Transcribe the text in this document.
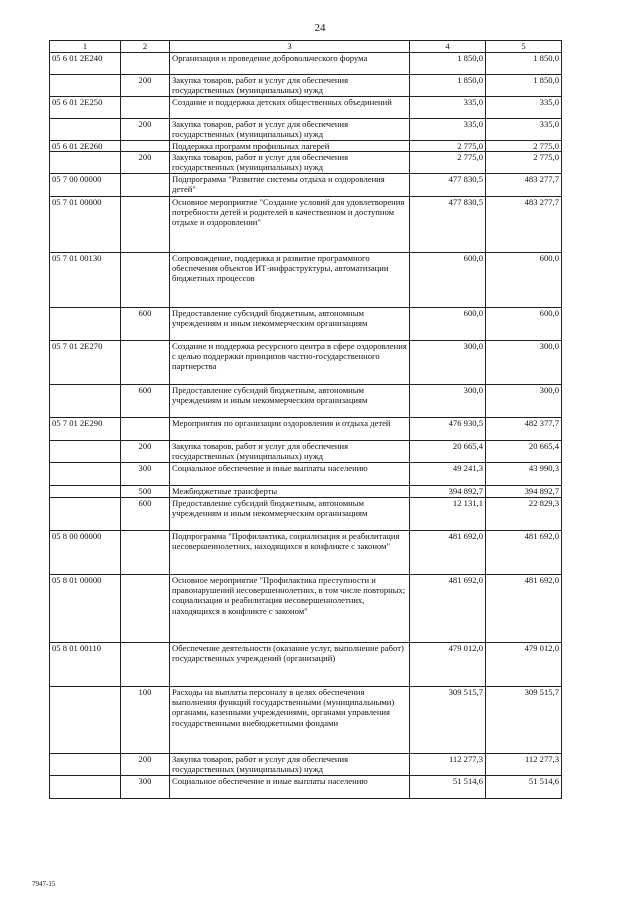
24
1	2	3	4	5
05 6 01 2E240		Организация и проведение добровольческого форума	1 850,0	1 850,0
	200	Закупка товаров, работ и услуг для обеспечения государственных (муниципальных) нужд	1 850,0	1 850,0
05 6 01 2E250		Создание и поддержка детских общественных объединений	335,0	335,0
	200	Закупка товаров, работ и услуг для обеспечения государственных (муниципальных) нужд	335,0	335,0
05 6 01 2E260		Поддержка программ профильных лагерей	2 775,0	2 775,0
	200	Закупка товаров, работ и услуг для обеспечения государственных (муниципальных) нужд	2 775,0	2 775,0
05 7 00 00000		Подпрограмма "Развитие системы отдыха и оздоровления детей"	477 830,5	483 277,7
05 7 01 00000		Основное мероприятие "Создание условий для удовлетворения потребности детей и родителей в качественном и доступном отдыхе и оздоровлении"	477 830,5	483 277,7
05 7 01 00130		Сопровождение, поддержка и развитие программного обеспечения объектов ИТ-инфраструктуры, автоматизации бюджетных процессов	600,0	600,0
	600	Предоставление субсидий бюджетным, автономным учреждениям и иным некоммерческим организациям	600,0	600,0
05 7 01 2E270		Создание и поддержка ресурсного центра в сфере оздоровления с целью поддержки принципов частно-государственного партнерства	300,0	300,0
	600	Предоставление субсидий бюджетным, автономным учреждениям и иным некоммерческим организациям	300,0	300,0
05 7 01 2E290		Мероприятия по организации оздоровления и отдыха детей	476 930,5	482 377,7
	200	Закупка товаров, работ и услуг для обеспечения государственных (муниципальных) нужд	20 665,4	20 665,4
	300	Социальное обеспечение и иные выплаты населению	49 241,3	43 990,3
	500	Межбюджетные трансферты	394 892,7	394 892,7
	600	Предоставление субсидий бюджетным, автономным учреждениям и иным некоммерческим организациям	12 131,1	22 829,3
05 8 00 00000		Подпрограмма "Профилактика, социализация и реабилитация несовершеннолетних, находящихся в конфликте с законом"	481 692,0	481 692,0
05 8 01 00000		Основное мероприятие "Профилактика преступности и правонарушений несовершеннолетних, в том числе повторных; социализация и реабилитация несовершеннолетних, находящихся в конфликте с законом"	481 692,0	481 692,0
05 8 01 00110		Обеспечение деятельности (оказание услуг, выполнение работ) государственных учреждений (организаций)	479 012,0	479 012,0
	100	Расходы на выплаты персоналу в целях обеспечения выполнения функций государственными (муниципальными) органами, казенными учреждениями, органами управления государственными внебюджетными фондами	309 515,7	309 515,7
	200	Закупка товаров, работ и услуг для обеспечения государственных (муниципальных) нужд	112 277,3	112 277,3
	300	Социальное обеспечение и иные выплаты населению	51 514,6	51 514,6
7947-15
